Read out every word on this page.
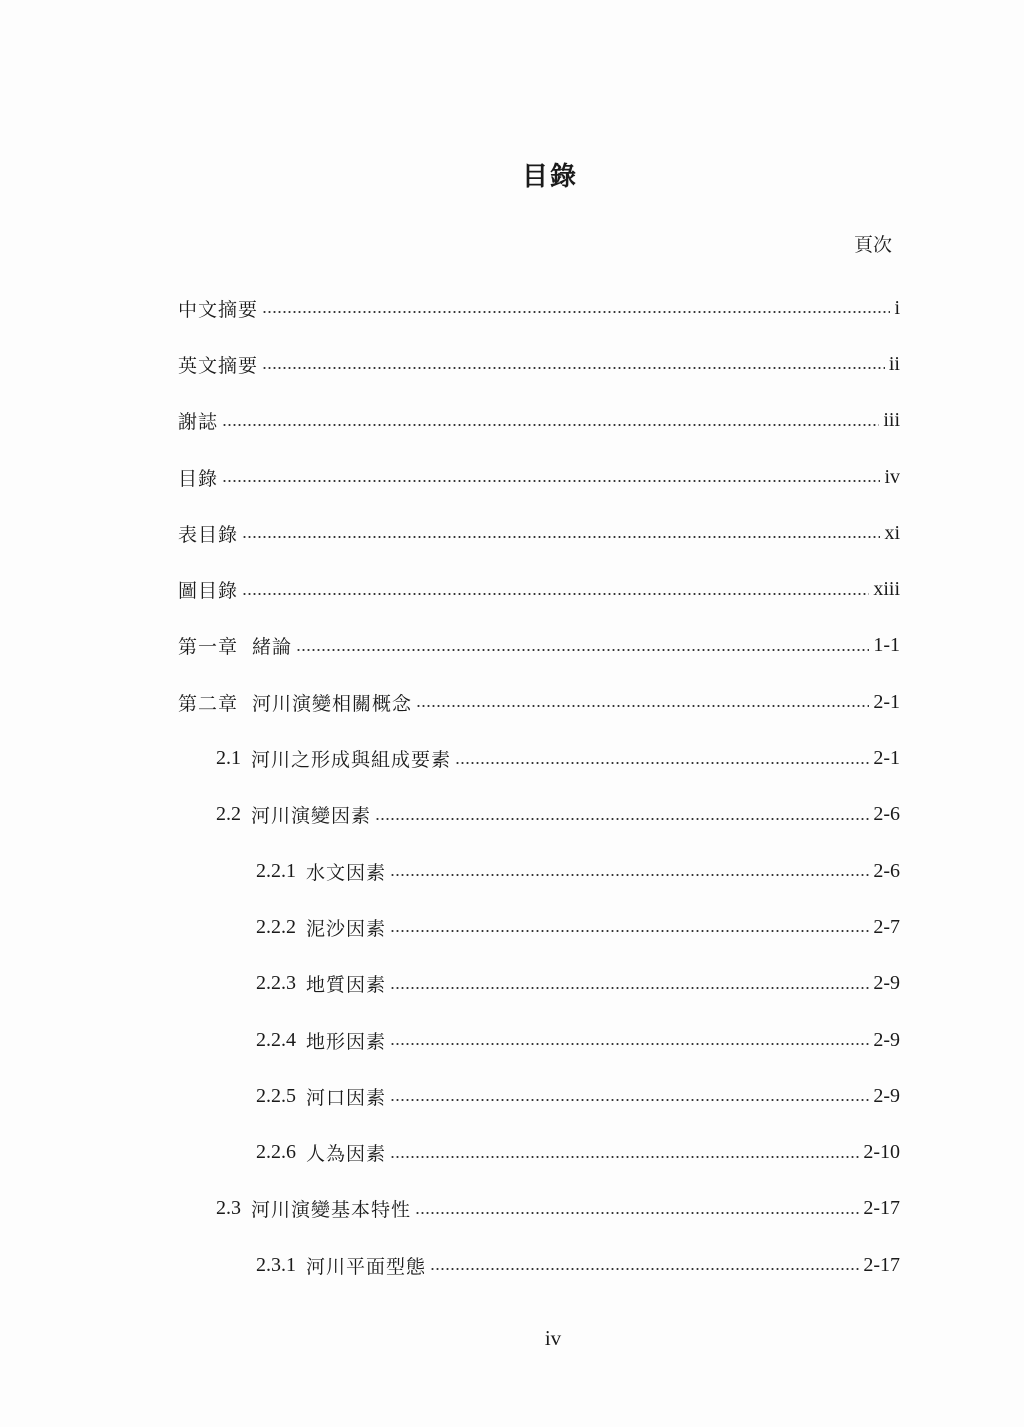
目錄
頁次
中文摘要	i
英文摘要	ii
謝誌	iii
目錄	iv
表目錄	xi
圖目錄	xiii
第一章 緒論	1-1
第二章 河川演變相關概念	2-1
2.1 河川之形成與組成要素	2-1
2.2 河川演變因素	2-6
2.2.1 水文因素	2-6
2.2.2 泥沙因素	2-7
2.2.3 地質因素	2-9
2.2.4 地形因素	2-9
2.2.5 河口因素	2-9
2.2.6 人為因素	2-10
2.3 河川演變基本特性	2-17
2.3.1 河川平面型態	2-17
iv
